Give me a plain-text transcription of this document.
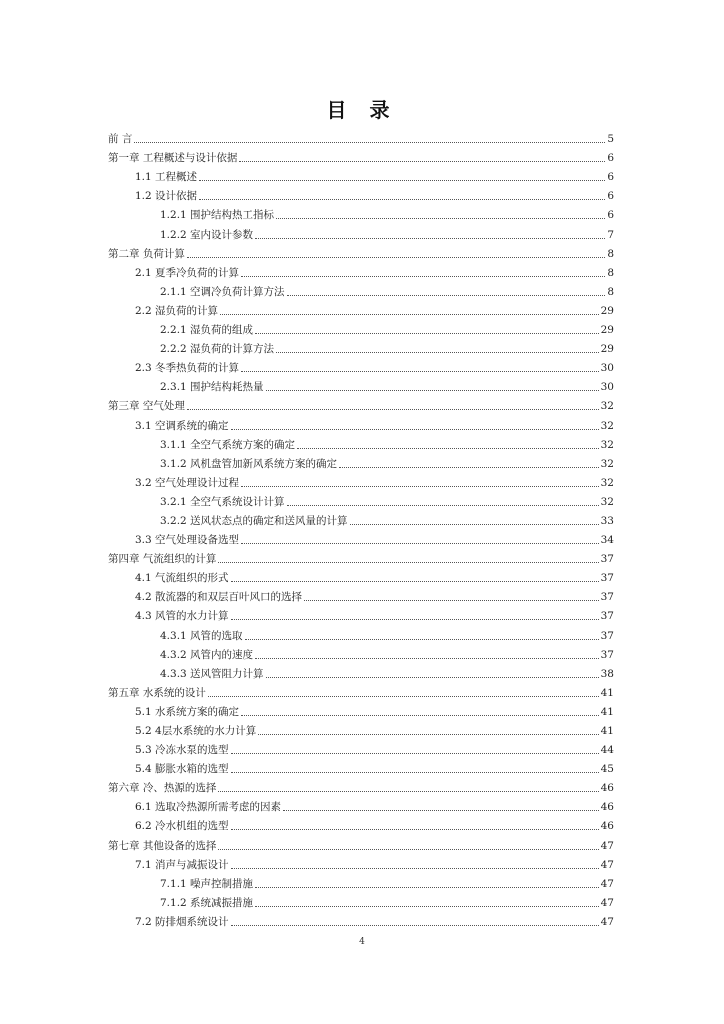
目 录
前 言	5
第一章 工程概述与设计依据	6
1.1 工程概述	6
1.2 设计依据	6
1.2.1 围护结构热工指标	6
1.2.2 室内设计参数	7
第二章 负荷计算	8
2.1 夏季冷负荷的计算	8
2.1.1 空调冷负荷计算方法	8
2.2 湿负荷的计算	29
2.2.1 湿负荷的组成	29
2.2.2 湿负荷的计算方法	29
2.3 冬季热负荷的计算	30
2.3.1 围护结构耗热量	30
第三章 空气处理	32
3.1 空调系统的确定	32
3.1.1 全空气系统方案的确定	32
3.1.2 风机盘管加新风系统方案的确定	32
3.2 空气处理设计过程	32
3.2.1 全空气系统设计计算	32
3.2.2 送风状态点的确定和送风量的计算	33
3.3 空气处理设备选型	34
第四章 气流组织的计算	37
4.1 气流组织的形式	37
4.2 散流器的和双层百叶风口的选择	37
4.3 风管的水力计算	37
4.3.1 风管的选取	37
4.3.2 风管内的速度	37
4.3.3 送风管阻力计算	38
第五章 水系统的设计	41
5.1 水系统方案的确定	41
5.2 4层水系统的水力计算	41
5.3 冷冻水泵的选型	44
5.4 膨胀水箱的选型	45
第六章 冷、热源的选择	46
6.1 选取冷热源所需考虑的因素	46
6.2 冷水机组的选型	46
第七章 其他设备的选择	47
7.1 消声与减振设计	47
7.1.1 噪声控制措施	47
7.1.2 系统减振措施	47
7.2 防排烟系统设计	47
4
